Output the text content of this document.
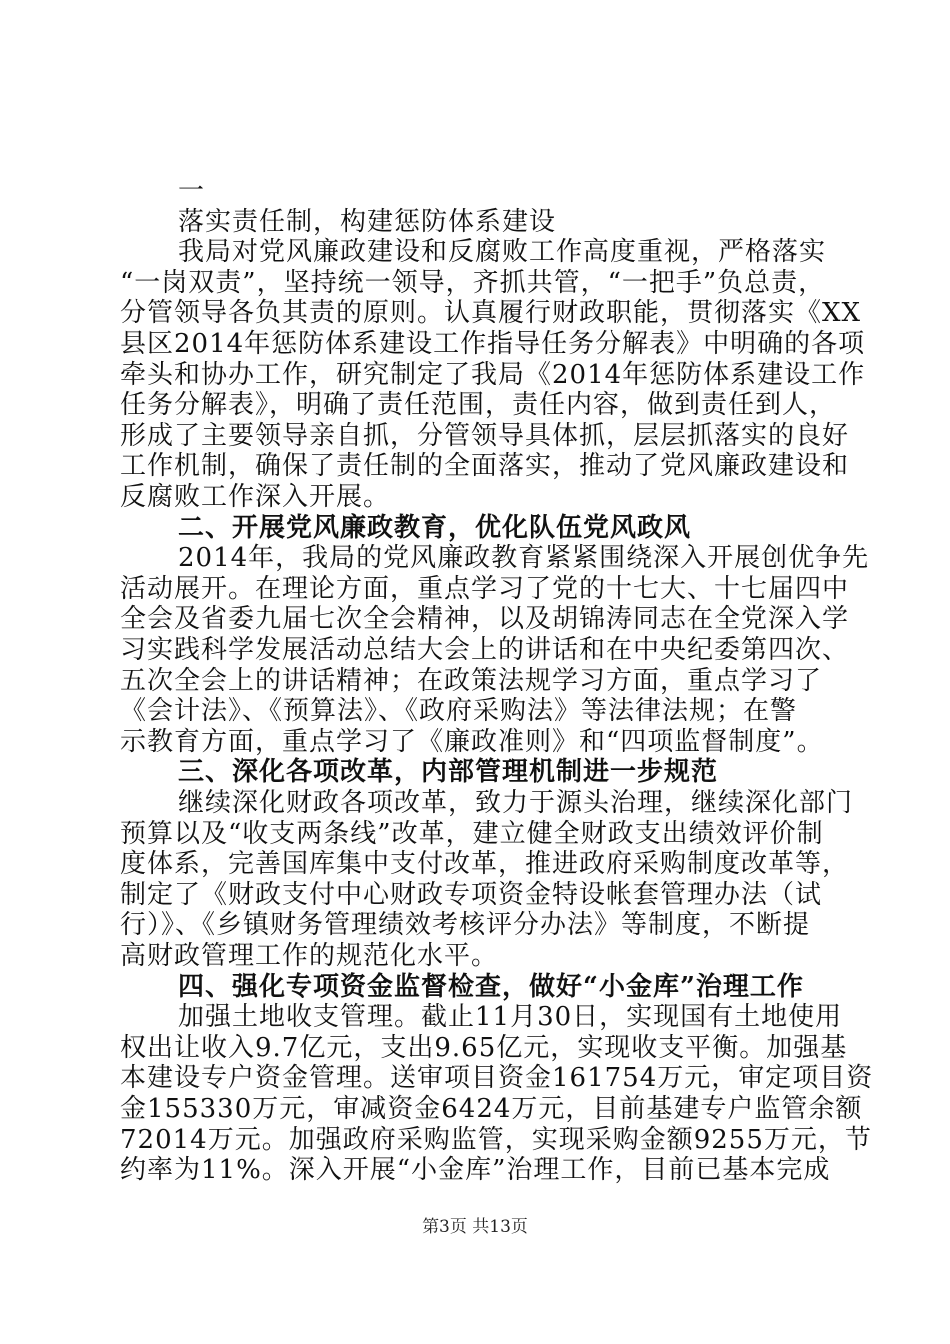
一
落实责任制，构建惩防体系建设
我局对党风廉政建设和反腐败工作高度重视，严格落实
“一岗双责”，坚持统一领导，齐抓共管，“一把手”负总责，
分管领导各负其责的原则。认真履行财政职能，贯彻落实《XX
县区2014年惩防体系建设工作指导任务分解表》中明确的各项
牵头和协办工作，研究制定了我局《2014年惩防体系建设工作
任务分解表》，明确了责任范围，责任内容，做到责任到人，
形成了主要领导亲自抓，分管领导具体抓，层层抓落实的良好
工作机制，确保了责任制的全面落实，推动了党风廉政建设和
反腐败工作深入开展。
二、开展党风廉政教育，优化队伍党风政风
2014年，我局的党风廉政教育紧紧围绕深入开展创优争先
活动展开。在理论方面，重点学习了党的十七大、十七届四中
全会及省委九届七次全会精神，以及胡锦涛同志在全党深入学
习实践科学发展活动总结大会上的讲话和在中央纪委第四次、
五次全会上的讲话精神；在政策法规学习方面，重点学习了
《会计法》、《预算法》、《政府采购法》等法律法规；在警
示教育方面，重点学习了《廉政准则》和“四项监督制度”。
三、深化各项改革，内部管理机制进一步规范
继续深化财政各项改革，致力于源头治理，继续深化部门
预算以及“收支两条线”改革，建立健全财政支出绩效评价制
度体系，完善国库集中支付改革，推进政府采购制度改革等，
制定了《财政支付中心财政专项资金特设帐套管理办法（试
行）》、《乡镇财务管理绩效考核评分办法》等制度，不断提
高财政管理工作的规范化水平。
四、强化专项资金监督检查，做好“小金库”治理工作
加强土地收支管理。截止11月30日，实现国有土地使用
权出让收入9.7亿元，支出9.65亿元，实现收支平衡。加强基
本建设专户资金管理。送审项目资金161754万元，审定项目资
金155330万元，审减资金6424万元，目前基建专户监管余额
72014万元。加强政府采购监管，实现采购金额9255万元，节
约率为11%。深入开展“小金库”治理工作，目前已基本完成
第3页 共13页
